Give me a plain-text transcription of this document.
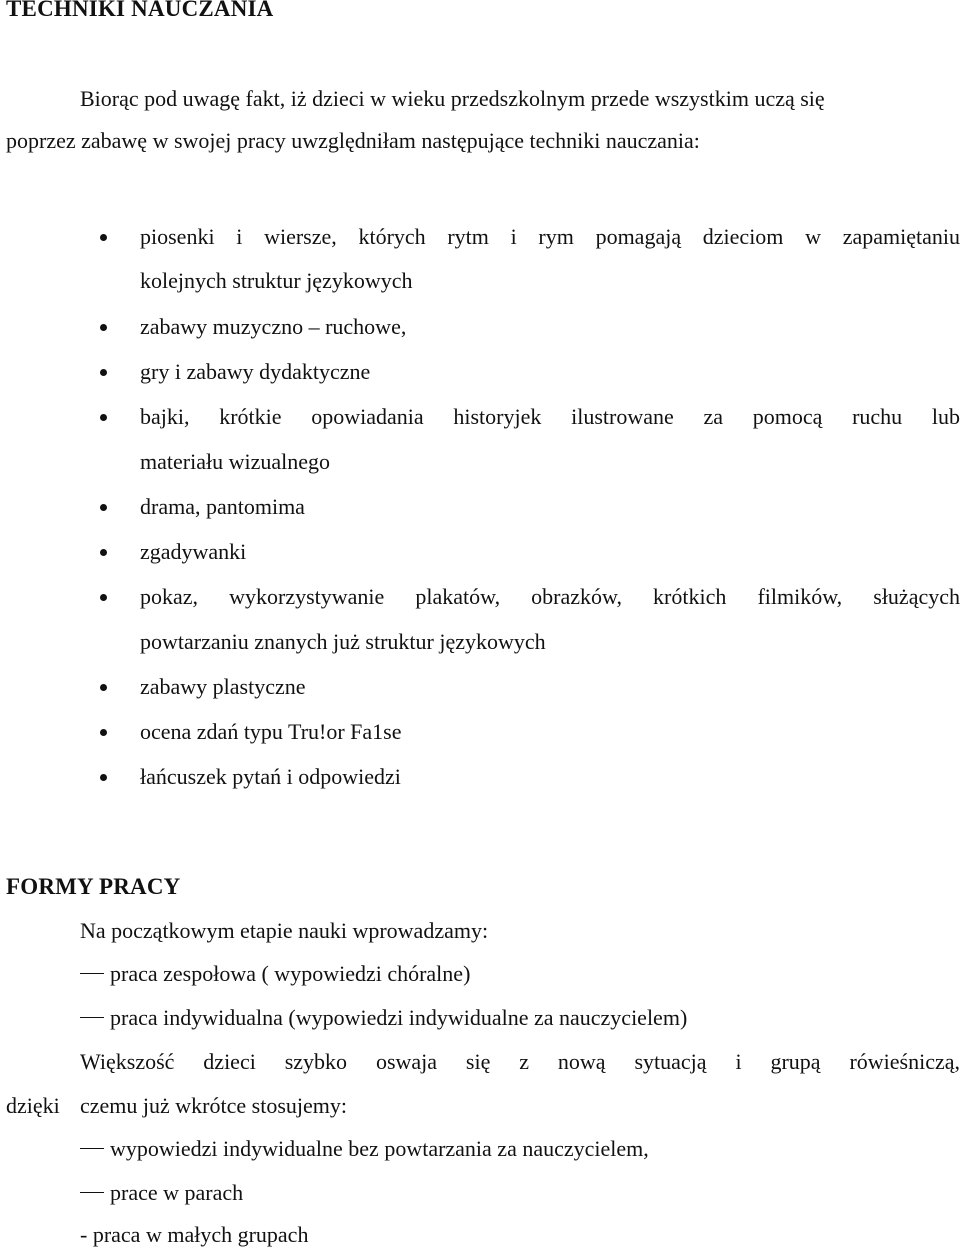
TECHNIKI NAUCZANIA
Biorąc pod uwagę fakt, iż dzieci w wieku przedszkolnym przede wszystkim uczą się
poprzez zabawę w swojej pracy uwzględniłam następujące techniki nauczania:
piosenki i wiersze, których rytm i rym pomagają dzieciom w zapamiętaniu
kolejnych struktur językowych
zabawy muzyczno – ruchowe,
gry i zabawy dydaktyczne
bajki, krótkie opowiadania historyjek ilustrowane za pomocą ruchu lub
materiału wizualnego
drama, pantomima
zgadywanki
pokaz, wykorzystywanie plakatów, obrazków, krótkich filmików, służących
powtarzaniu znanych już struktur językowych
zabawy plastyczne
ocena zdań typu Tru!or Fa1se
łańcuszek pytań i odpowiedzi
FORMY PRACY
Na początkowym etapie nauki wprowadzamy:
praca zespołowa ( wypowiedzi chóralne)
praca indywidualna (wypowiedzi indywidualne za nauczycielem)
Większość dzieci szybko oswaja się z nową sytuacją i grupą rówieśniczą,
dzięki czemu już wkrótce stosujemy:
wypowiedzi indywidualne bez powtarzania za nauczycielem,
prace w parach
- praca w małych grupach
